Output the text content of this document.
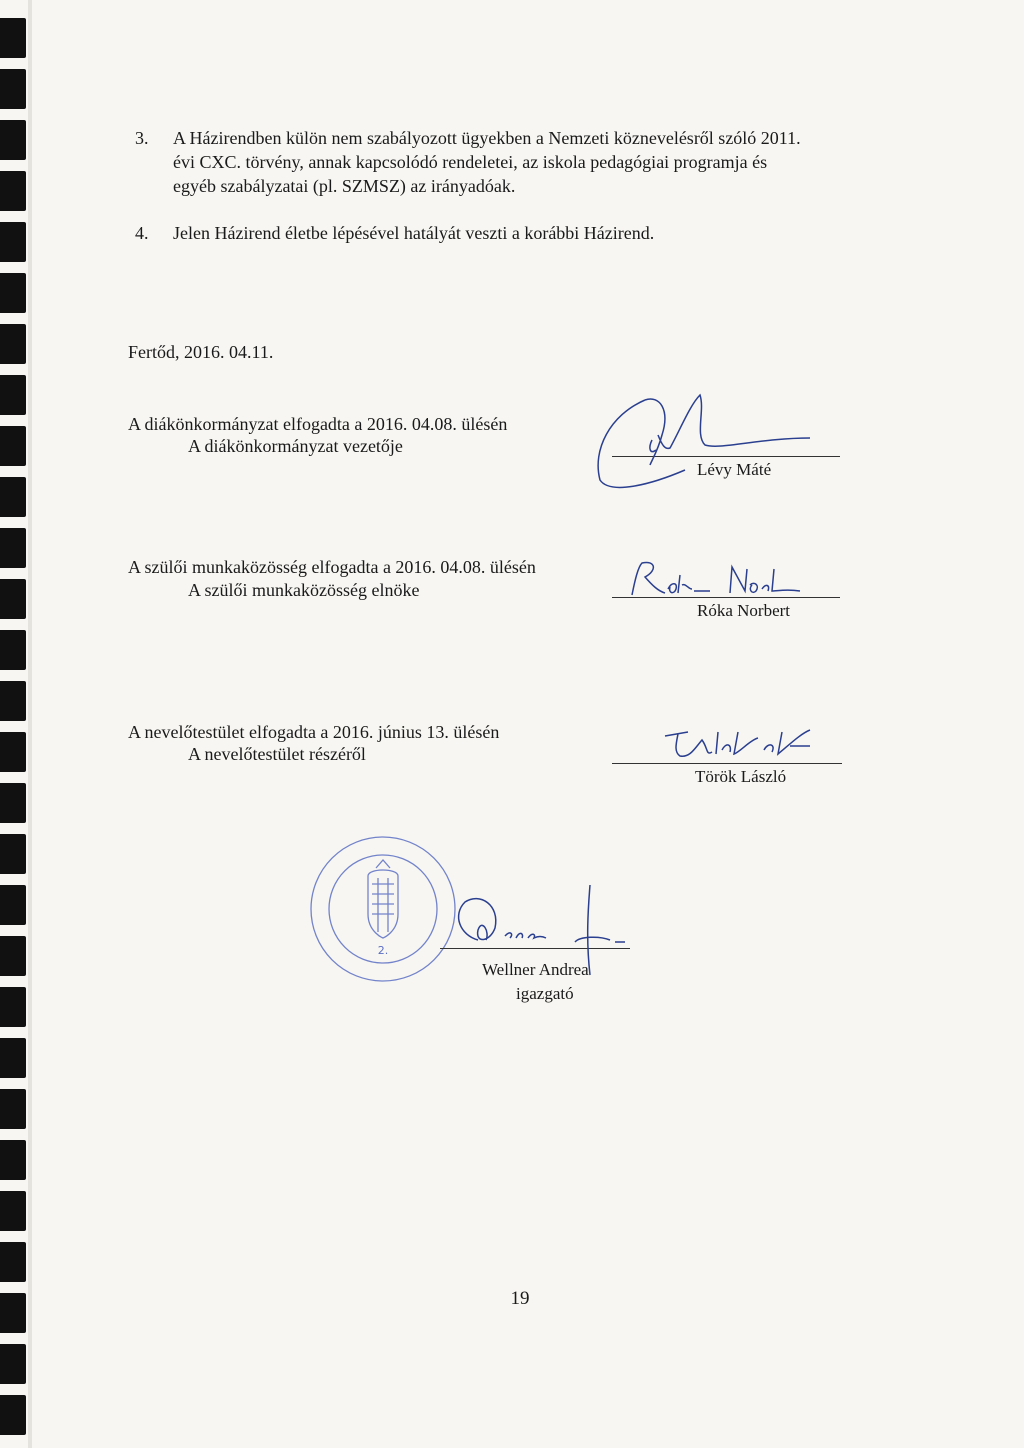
3. A Házirendben külön nem szabályozott ügyekben a Nemzeti köznevelésről szóló 2011.
évi CXC. törvény, annak kapcsolódó rendeletei, az iskola pedagógiai programja és
egyéb szabályzatai (pl. SZMSZ) az irányadóak.
4. Jelen Házirend életbe lépésével hatályát veszti a korábbi Házirend.
Fertőd, 2016. 04.11.
A diákönkormányzat elfogadta a 2016. 04.08. ülésén
A diákönkormányzat vezetője
Lévy Máté
A szülői munkaközösség elfogadta a 2016. 04.08. ülésén
A szülői munkaközösség elnöke
Róka Norbert
A nevelőtestület elfogadta a 2016. június 13. ülésén
A nevelőtestület részéről
Török László
2.
Wellner Andrea
igazgató
19
